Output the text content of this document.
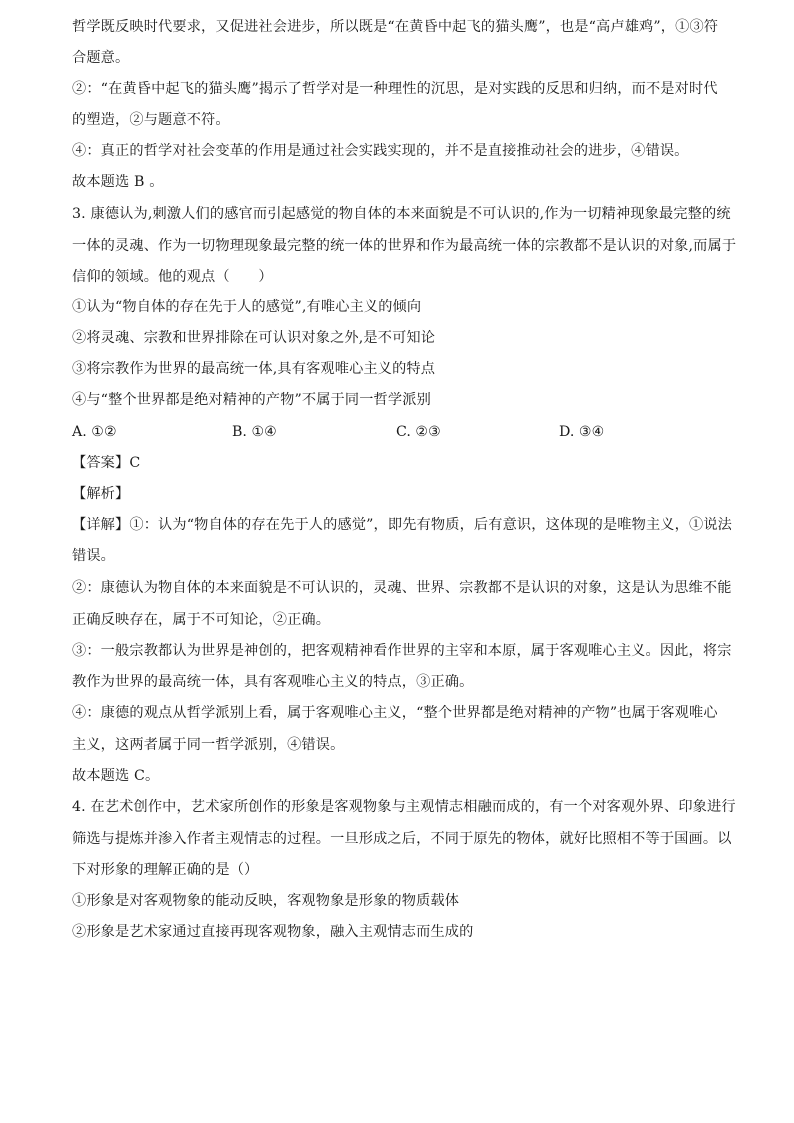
哲学既反映时代要求，又促进社会进步，所以既是“在黄昏中起飞的猫头鹰”，也是“高卢雄鸡”，①③符
合题意。
②：“在黄昏中起飞的猫头鹰”揭示了哲学对是一种理性的沉思，是对实践的反思和归纳，而不是对时代
的塑造，②与题意不符。
④：真正的哲学对社会变革的作用是通过社会实践实现的，并不是直接推动社会的进步，④错误。
故本题选 B 。
3. 康德认为,刺激人们的感官而引起感觉的物自体的本来面貌是不可认识的,作为一切精神现象最完整的统
一体的灵魂、作为一切物理现象最完整的统一体的世界和作为最高统一体的宗教都不是认识的对象,而属于
信仰的领域。他的观点（　　）
①认为“物自体的存在先于人的感觉”,有唯心主义的倾向
②将灵魂、宗教和世界排除在可认识对象之外,是不可知论
③将宗教作为世界的最高统一体,具有客观唯心主义的特点
④与“整个世界都是绝对精神的产物”不属于同一哲学派别
A. ①②	B. ①④	C. ②③	D. ③④
【答案】C
【解析】
【详解】①：认为“物自体的存在先于人的感觉”，即先有物质，后有意识，这体现的是唯物主义，①说法
错误。
②：康德认为物自体的本来面貌是不可认识的，灵魂、世界、宗教都不是认识的对象，这是认为思维不能
正确反映存在，属于不可知论，②正确。
③：一般宗教都认为世界是神创的，把客观精神看作世界的主宰和本原，属于客观唯心主义。因此，将宗
教作为世界的最高统一体，具有客观唯心主义的特点，③正确。
④：康德的观点从哲学派别上看，属于客观唯心主义，“整个世界都是绝对精神的产物”也属于客观唯心
主义，这两者属于同一哲学派别，④错误。
故本题选 C。
4. 在艺术创作中，艺术家所创作的形象是客观物象与主观情志相融而成的，有一个对客观外界、印象进行
筛选与提炼并渗入作者主观情志的过程。一旦形成之后，不同于原先的物体，就好比照相不等于国画。以
下对形象的理解正确的是（）
①形象是对客观物象的能动反映，客观物象是形象的物质载体
②形象是艺术家通过直接再现客观物象，融入主观情志而生成的
